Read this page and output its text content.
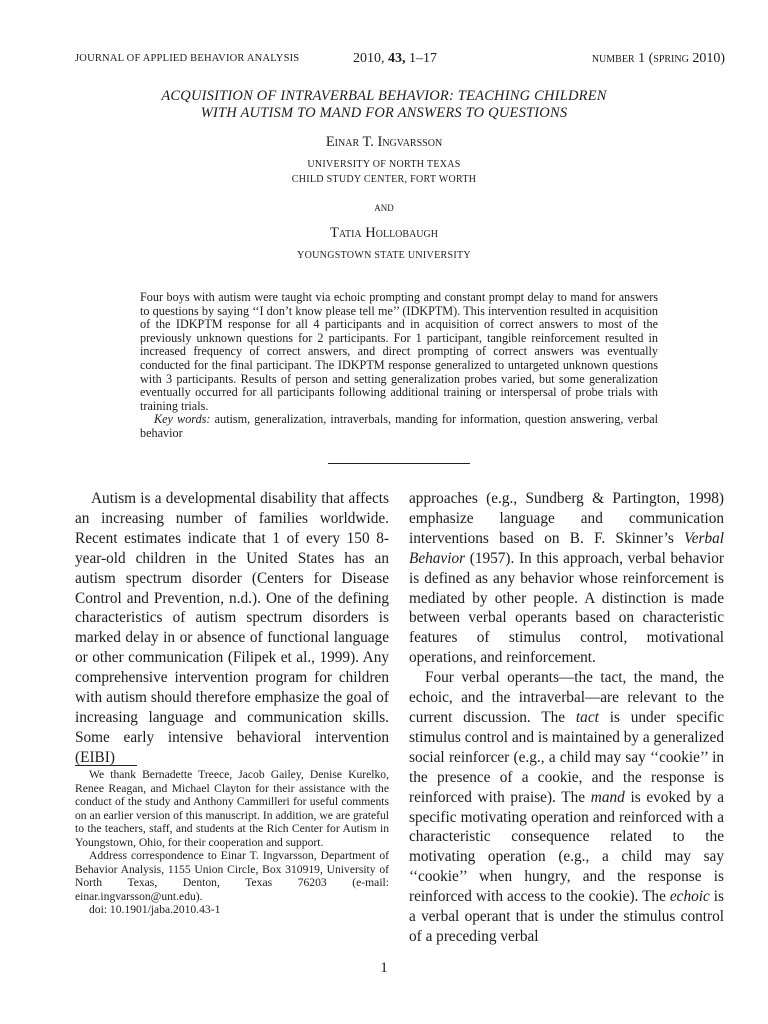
JOURNAL OF APPLIED BEHAVIOR ANALYSIS	2010, 43, 1–17	number 1 (spring 2010)
ACQUISITION OF INTRAVERBAL BEHAVIOR: TEACHING CHILDREN
WITH AUTISM TO MAND FOR ANSWERS TO QUESTIONS
Einar T. Ingvarsson
UNIVERSITY OF NORTH TEXAS
CHILD STUDY CENTER, FORT WORTH
and
Tatia Hollobaugh
YOUNGSTOWN STATE UNIVERSITY

Four boys with autism were taught via echoic prompting and constant prompt delay to mand for answers to questions by saying ‘‘I don’t know please tell me’’ (IDKPTM). This intervention resulted in acquisition of the IDKPTM response for all 4 participants and in acquisition of correct answers to most of the previously unknown questions for 2 participants. For 1 participant, tangible reinforcement resulted in increased frequency of correct answers, and direct prompting of correct answers was eventually conducted for the final participant. The IDKPTM response generalized to untargeted unknown questions with 3 participants. Results of person and setting generalization probes varied, but some generalization eventually occurred for all participants following additional training or interspersal of probe trials with training trials.

Key words: autism, generalization, intraverbals, manding for information, question answering, verbal behavior

Autism is a developmental disability that affects an increasing number of families worldwide. Recent estimates indicate that 1 of every 150 8-year-old children in the United States has an autism spectrum disorder (Centers for Disease Control and Prevention, n.d.). One of the defining characteristics of autism spectrum disorders is marked delay in or absence of functional language or other communication (Filipek et al., 1999). Any comprehensive intervention program for children with autism should therefore emphasize the goal of increasing language and communication skills. Some early intensive behavioral intervention (EIBI)

approaches (e.g., Sundberg & Partington, 1998) emphasize language and communication interventions based on B. F. Skinner’s Verbal Behavior (1957). In this approach, verbal behavior is defined as any behavior whose reinforcement is mediated by other people. A distinction is made between verbal operants based on characteristic features of stimulus control, motivational operations, and reinforcement.

Four verbal operants—the tact, the mand, the echoic, and the intraverbal—are relevant to the current discussion. The tact is under specific stimulus control and is maintained by a generalized social reinforcer (e.g., a child may say ‘‘cookie’’ in the presence of a cookie, and the response is reinforced with praise). The mand is evoked by a specific motivating operation and reinforced with a characteristic consequence related to the motivating operation (e.g., a child may say ‘‘cookie’’ when hungry, and the response is reinforced with access to the cookie). The echoic is a verbal operant that is under the stimulus control of a preceding verbal

We thank Bernadette Treece, Jacob Gailey, Denise Kurelko, Renee Reagan, and Michael Clayton for their assistance with the conduct of the study and Anthony Cammilleri for useful comments on an earlier version of this manuscript. In addition, we are grateful to the teachers, staff, and students at the Rich Center for Autism in Youngstown, Ohio, for their cooperation and support.

Address correspondence to Einar T. Ingvarsson, Department of Behavior Analysis, 1155 Union Circle, Box 310919, University of North Texas, Denton, Texas 76203 (e-mail: einar.ingvarsson@unt.edu).

doi: 10.1901/jaba.2010.43-1

1
